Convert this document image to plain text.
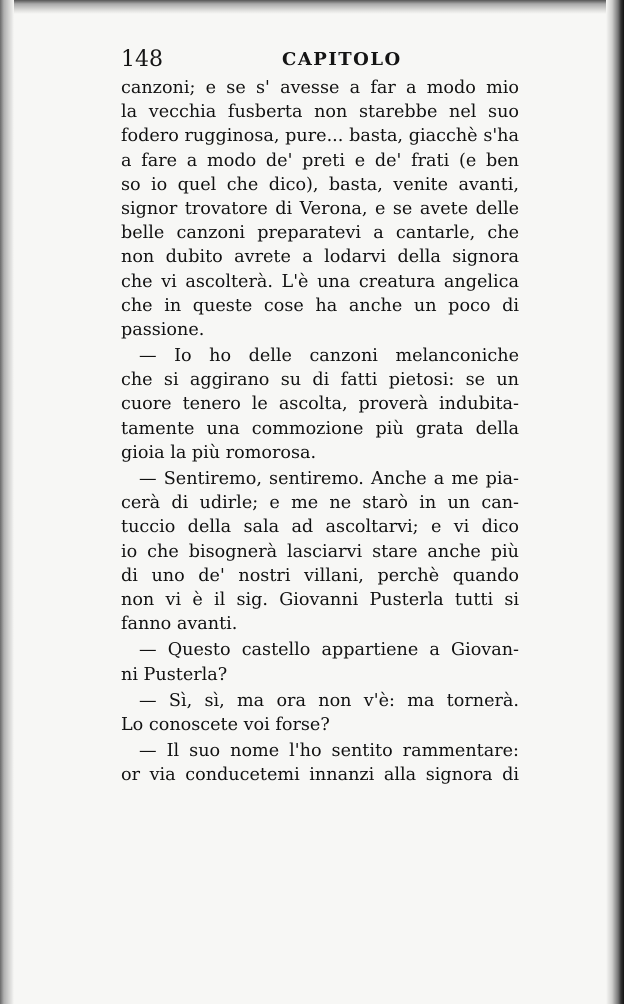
148	CAPITOLO
canzoni; e se s' avesse a far a modo mio
la vecchia fusberta non starebbe nel suo
fodero rugginosa, pure... basta, giacchè s'ha
a fare a modo de' preti e de' frati (e ben
so io quel che dico), basta, venite avanti,
signor trovatore di Verona, e se avete delle
belle canzoni preparatevi a cantarle, che
non dubito avrete a lodarvi della signora
che vi ascolterà. L'è una creatura angelica
che in queste cose ha anche un poco di
passione.
— Io ho delle canzoni melanconiche
che si aggirano su di fatti pietosi: se un
cuore tenero le ascolta, proverà indubita-
tamente una commozione più grata della
gioia la più romorosa.
— Sentiremo, sentiremo. Anche a me pia-
cerà di udirle; e me ne starò in un can-
tuccio della sala ad ascoltarvi; e vi dico
io che bisognerà lasciarvi stare anche più
di uno de' nostri villani, perchè quando
non vi è il sig. Giovanni Pusterla tutti si
fanno avanti.
— Questo castello appartiene a Giovan-
ni Pusterla?
— Sì, sì, ma ora non v'è: ma tornerà.
Lo conoscete voi forse?
— Il suo nome l'ho sentito rammentare:
or via conducetemi innanzi alla signora di
